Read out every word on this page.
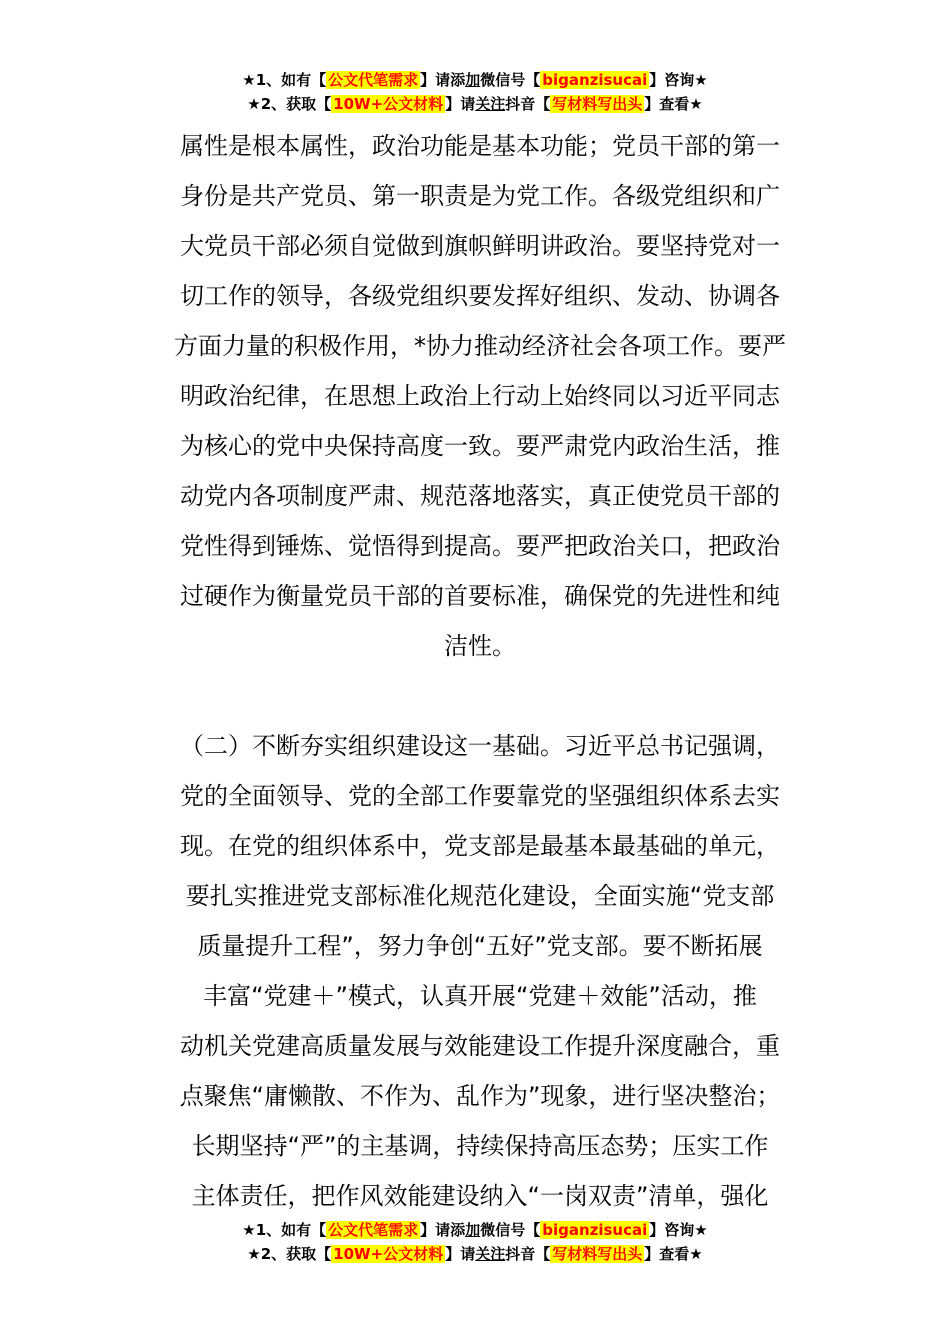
★1、如有【 公文代笔需求 】请添加微信号【 biganzisucai 】咨询★
★2、获取【 10W+公文材料 】请关注抖音【 写材料写出头 】查看★
属性是根本属性，政治功能是基本功能；党员干部的第一
身份是共产党员、第一职责是为党工作。各级党组织和广
大党员干部必须自觉做到旗帜鲜明讲政治。要坚持党对一
切工作的领导，各级党组织要发挥好组织、发动、协调各
方面力量的积极作用，*协力推动经济社会各项工作。要严
明政治纪律，在思想上政治上行动上始终同以习近平同志
为核心的党中央保持高度一致。要严肃党内政治生活，推
动党内各项制度严肃、规范落地落实，真正使党员干部的
党性得到锤炼、觉悟得到提高。要严把政治关口，把政治
过硬作为衡量党员干部的首要标准，确保党的先进性和纯
洁性。
（二）不断夯实组织建设这一基础。习近平总书记强调，
党的全面领导、党的全部工作要靠党的坚强组织体系去实
现。在党的组织体系中，党支部是最基本最基础的单元，
要扎实推进党支部标准化规范化建设，全面实施“党支部
质量提升工程”，努力争创“五好”党支部。要不断拓展
丰富“党建＋”模式，认真开展“党建＋效能”活动，推
动机关党建高质量发展与效能建设工作提升深度融合，重
点聚焦“庸懒散、不作为、乱作为”现象，进行坚决整治；
长期坚持“严”的主基调，持续保持高压态势；压实工作
主体责任，把作风效能建设纳入“一岗双责”清单，强化
★1、如有【 公文代笔需求 】请添加微信号【 biganzisucai 】咨询★
★2、获取【 10W+公文材料 】请关注抖音【 写材料写出头 】查看★
